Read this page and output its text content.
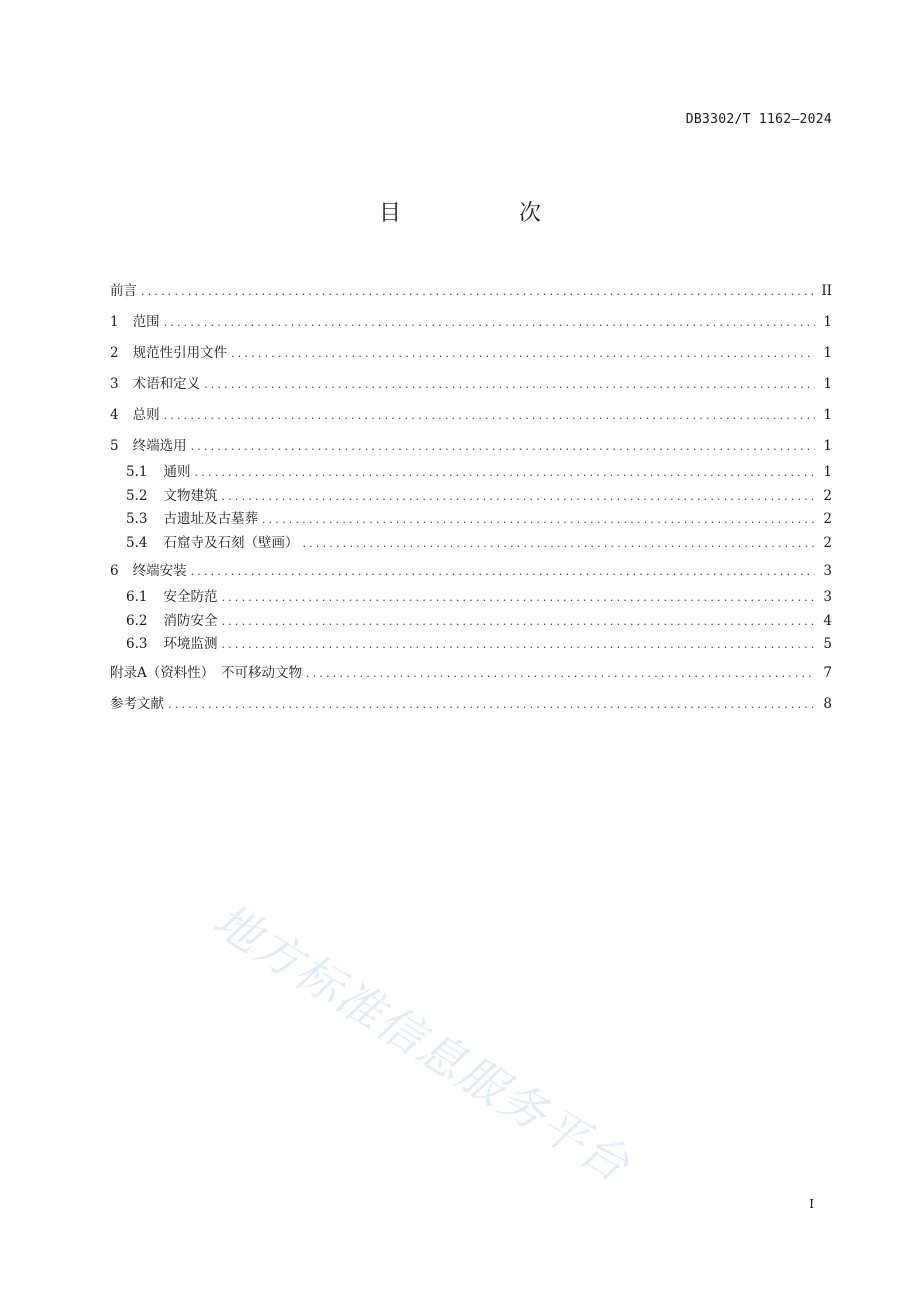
DB3302/T 1162—2024
目　次
前言 .....	II
1 范围 .....	1
2 规范性引用文件 .....	1
3 术语和定义 .....	1
4 总则 .....	1
5 终端选用 .....	1
5.1 通则 .....	1
5.2 文物建筑 .....	2
5.3 古遗址及古墓葬 .....	2
5.4 石窟寺及石刻（壁画） .....	2
6 终端安装 .....	3
6.1 安全防范 .....	3
6.2 消防安全 .....	4
6.3 环境监测 .....	5
附录A（资料性）　不可移动文物 .....	7
参考文献 .....	8
地方标准信息服务平台
I
